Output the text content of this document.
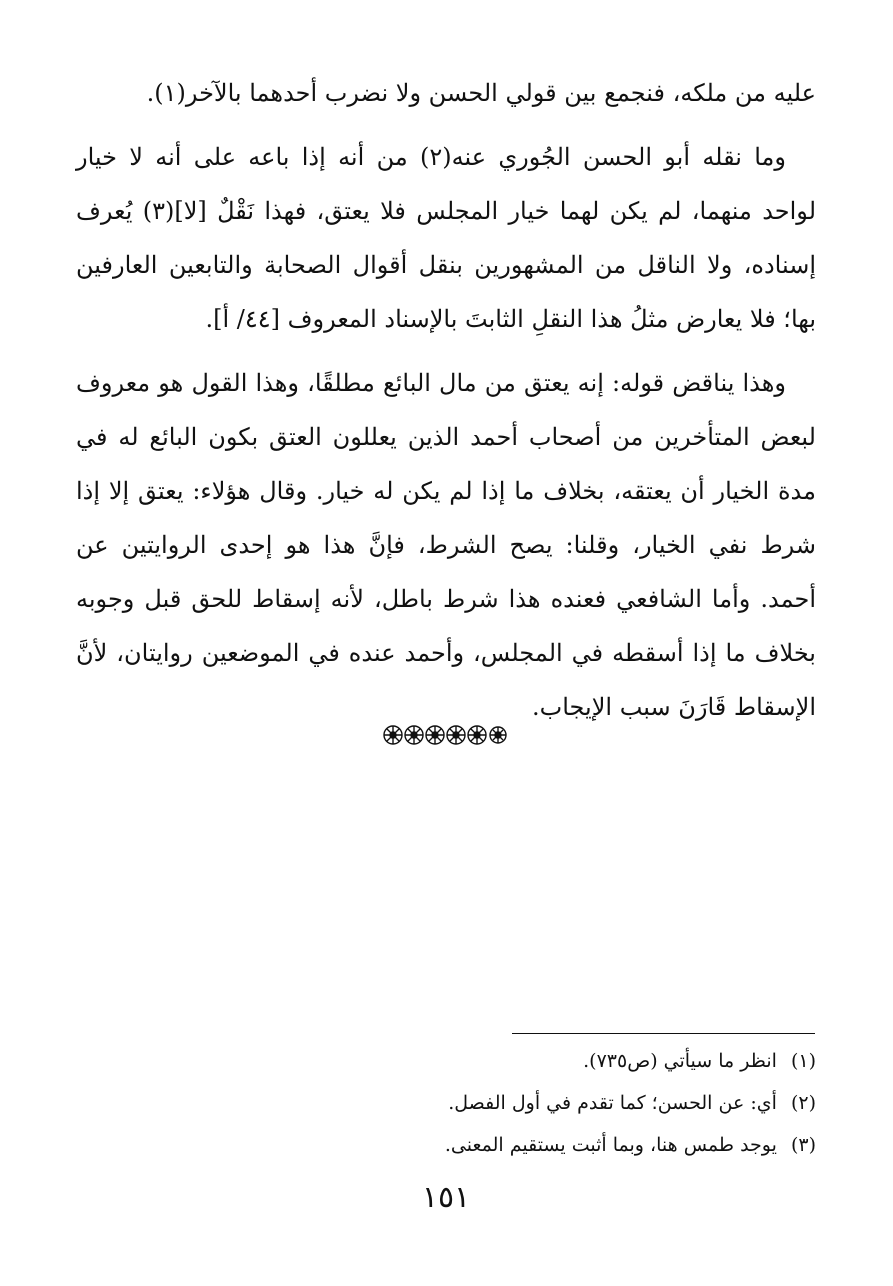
عليه من ملكه، فنجمع بين قولي الحسن ولا نضرب أحدهما بالآخر(١).

وما نقله أبو الحسن الجُوري عنه(٢) من أنه إذا باعه على أنه لا خيار لواحد منهما، لم يكن لهما خيار المجلس فلا يعتق، فهذا نَقْلٌ [لا](٣) يُعرف إسناده، ولا الناقل من المشهورين بنقل أقوال الصحابة والتابعين العارفين بها؛ فلا يعارض مثلُ هذا النقلِ الثابتَ بالإسناد المعروف [٤٤/ أ].

وهذا يناقض قوله: إنه يعتق من مال البائع مطلقًا، وهذا القول هو معروف لبعض المتأخرين من أصحاب أحمد الذين يعللون العتق بكون البائع له في مدة الخيار أن يعتقه، بخلاف ما إذا لم يكن له خيار. وقال هؤلاء: يعتق إلا إذا شرط نفي الخيار، وقلنا: يصح الشرط، فإنَّ هذا هو إحدى الروايتين عن أحمد. وأما الشافعي فعنده هذا شرط باطل، لأنه إسقاط للحق قبل وجوبه بخلاف ما إذا أسقطه في المجلس، وأحمد عنده في الموضعين روايتان، لأنَّ الإسقاط قَارَنَ سبب الإيجاب.

(١) انظر ما سيأتي (ص٧٣٥).

(٢) أي: عن الحسن؛ كما تقدم في أول الفصل.

(٣) يوجد طمس هنا، وبما أثبت يستقيم المعنى.

١٥١
